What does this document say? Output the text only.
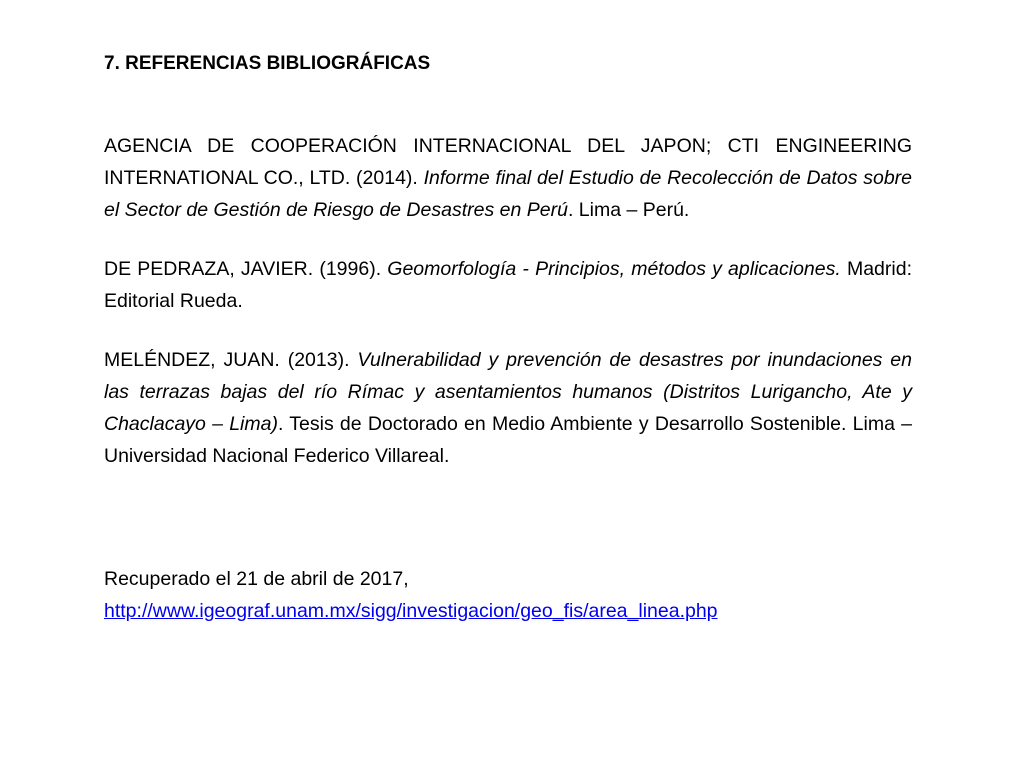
7. REFERENCIAS BIBLIOGRÁFICAS

AGENCIA DE COOPERACIÓN INTERNACIONAL DEL JAPON; CTI ENGINEERING INTERNATIONAL CO., LTD. (2014). Informe final del Estudio de Recolección de Datos sobre el Sector de Gestión de Riesgo de Desastres en Perú. Lima – Perú.

DE PEDRAZA, JAVIER. (1996). Geomorfología - Principios, métodos y aplicaciones. Madrid: Editorial Rueda.

MELÉNDEZ, JUAN. (2013). Vulnerabilidad y prevención de desastres por inundaciones en las terrazas bajas del río Rímac y asentamientos humanos (Distritos Lurigancho, Ate y Chaclacayo – Lima). Tesis de Doctorado en Medio Ambiente y Desarrollo Sostenible. Lima – Universidad Nacional Federico Villareal.

Recuperado el 21 de abril de 2017,
http://www.igeograf.unam.mx/sigg/investigacion/geo_fis/area_linea.php
